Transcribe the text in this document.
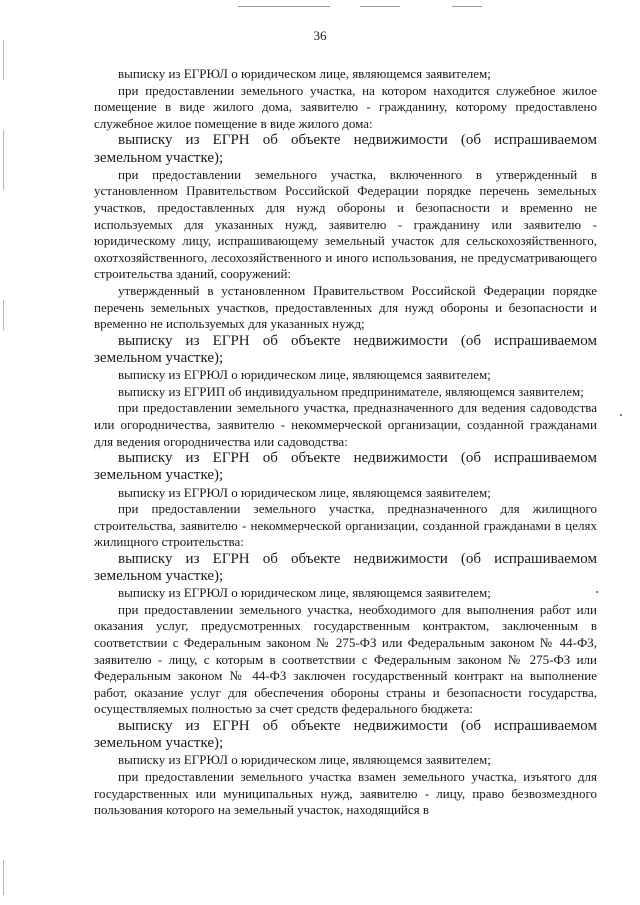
36

выписку из ЕГРЮЛ о юридическом лице, являющемся заявителем;

при предоставлении земельного участка, на котором находится служебное жилое помещение в виде жилого дома, заявителю - гражданину, которому предоставлено служебное жилое помещение в виде жилого дома:

выписку из ЕГРН об объекте недвижимости (об испрашиваемом земельном участке);

при предоставлении земельного участка, включенного в утвержденный в установленном Правительством Российской Федерации порядке перечень земельных участков, предоставленных для нужд обороны и безопасности и временно не используемых для указанных нужд, заявителю - гражданину или заявителю - юридическому лицу, испрашивающему земельный участок для сельскохозяйственного, охотхозяйственного, лесохозяйственного и иного использования, не предусматривающего строительства зданий, сооружений:

утвержденный в установленном Правительством Российской Федерации порядке перечень земельных участков, предоставленных для нужд обороны и безопасности и временно не используемых для указанных нужд;

выписку из ЕГРН об объекте недвижимости (об испрашиваемом земельном участке);

выписку из ЕГРЮЛ о юридическом лице, являющемся заявителем;

выписку из ЕГРИП об индивидуальном предпринимателе, являющемся заявителем;

при предоставлении земельного участка, предназначенного для ведения садоводства или огородничества, заявителю - некоммерческой организации, созданной гражданами для ведения огородничества или садоводства:

выписку из ЕГРН об объекте недвижимости (об испрашиваемом земельном участке);

выписку из ЕГРЮЛ о юридическом лице, являющемся заявителем;

при предоставлении земельного участка, предназначенного для жилищного строительства, заявителю - некоммерческой организации, созданной гражданами в целях жилищного строительства:

выписку из ЕГРН об объекте недвижимости (об испрашиваемом земельном участке);

выписку из ЕГРЮЛ о юридическом лице, являющемся заявителем;

при предоставлении земельного участка, необходимого для выполнения работ или оказания услуг, предусмотренных государственным контрактом, заключенным в соответствии с Федеральным законом № 275-ФЗ или Федеральным законом № 44-ФЗ, заявителю - лицу, с которым в соответствии с Федеральным законом № 275-ФЗ или Федеральным законом № 44-ФЗ заключен государственный контракт на выполнение работ, оказание услуг для обеспечения обороны страны и безопасности государства, осуществляемых полностью за счет средств федерального бюджета:

выписку из ЕГРН об объекте недвижимости (об испрашиваемом земельном участке);

выписку из ЕГРЮЛ о юридическом лице, являющемся заявителем;

при предоставлении земельного участка взамен земельного участка, изъятого для государственных или муниципальных нужд, заявителю - лицу, право безвозмездного пользования которого на земельный участок, находящийся в
